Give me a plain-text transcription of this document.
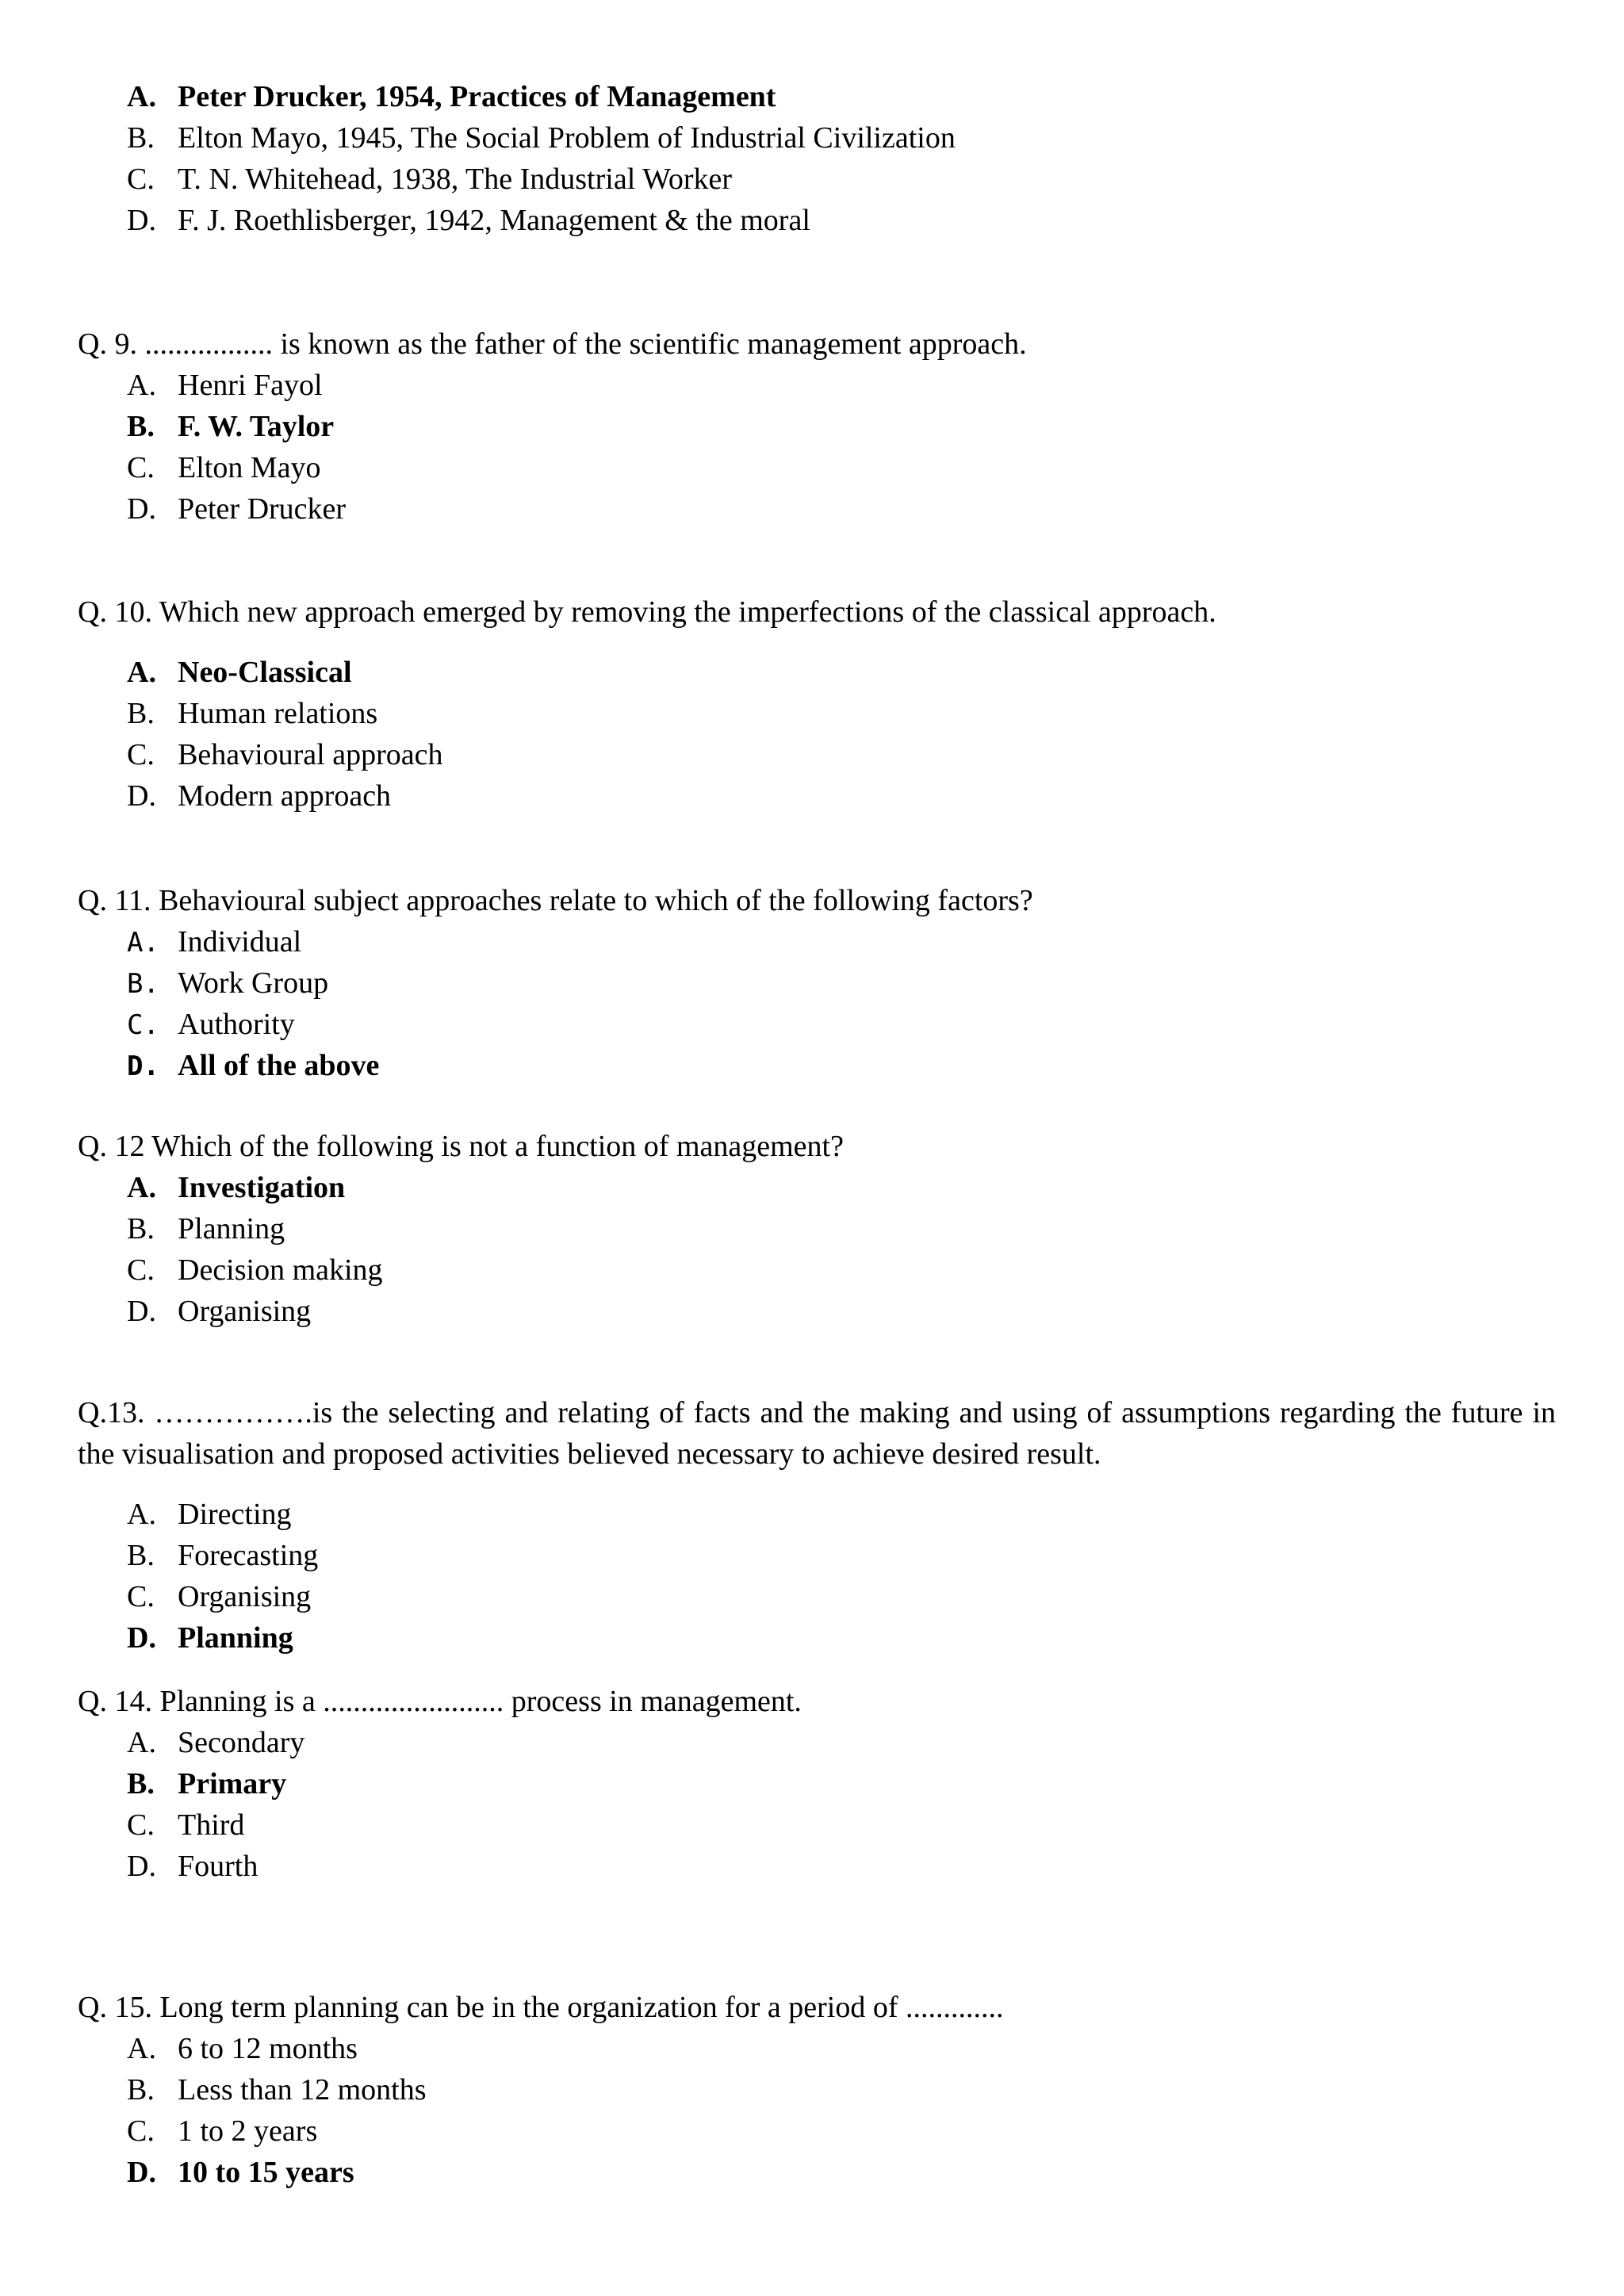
A. Peter Drucker, 1954, Practices of Management
B. Elton Mayo, 1945, The Social Problem of Industrial Civilization
C. T. N. Whitehead, 1938, The Industrial Worker
D. F. J. Roethlisberger, 1942, Management & the moral
Q. 9. ................. is known as the father of the scientific management approach.
A. Henri Fayol
B. F. W. Taylor
C. Elton Mayo
D. Peter Drucker
Q. 10. Which new approach emerged by removing the imperfections of the classical approach.
A. Neo-Classical
B. Human relations
C. Behavioural approach
D. Modern approach
Q. 11. Behavioural subject approaches relate to which of the following factors?
A. Individual
B. Work Group
C. Authority
D. All of the above
Q. 12 Which of the following is not a function of management?
A. Investigation
B. Planning
C. Decision making
D. Organising
Q.13. …………….is the selecting and relating of facts and the making and using of assumptions regarding the future in the visualisation and proposed activities believed necessary to achieve desired result.
A. Directing
B. Forecasting
C. Organising
D. Planning
Q. 14. Planning is a ........................ process in management.
A. Secondary
B. Primary
C. Third
D. Fourth
Q. 15. Long term planning can be in the organization for a period of .............
A. 6 to 12 months
B. Less than 12 months
C. 1 to 2 years
D. 10 to 15 years
